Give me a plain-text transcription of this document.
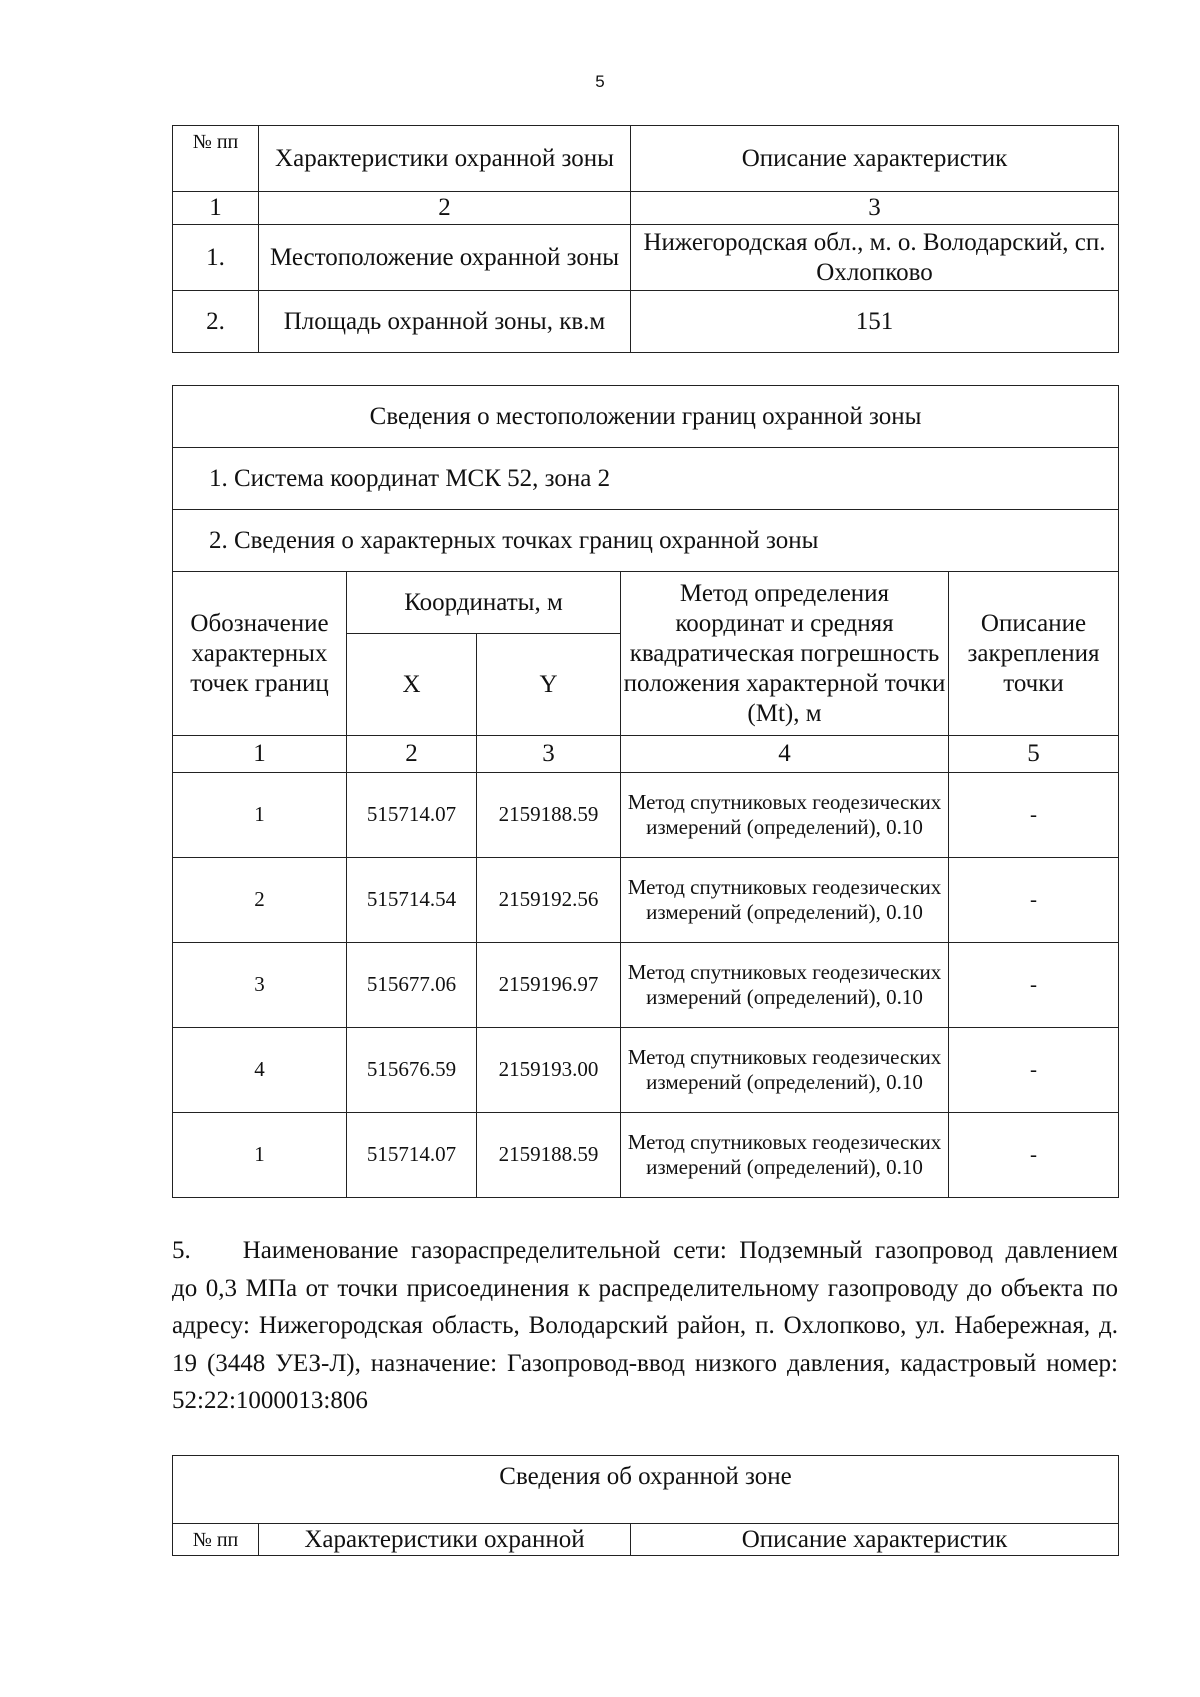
5
№ пп	Характеристики охранной зоны	Описание характеристик
1	2	3
1.	Местоположение охранной зоны	Нижегородская обл., м. о. Володарский, сп. Охлопково
2.	Площадь охранной зоны, кв.м	151
Сведения о местоположении границ охранной зоны				
1. Система координат МСК 52, зона 2				
2. Сведения о характерных точках границ охранной зоны				
Обозначение характерных точек границ	Координаты, м		Метод определения координат и средняя квадратическая погрешность положения характерной точки (Mt), м	Описание закрепления точки
	X	Y		
1	2	3	4	5
1	515714.07	2159188.59	Метод спутниковых геодезических измерений (определений), 0.10	-
2	515714.54	2159192.56	Метод спутниковых геодезических измерений (определений), 0.10	-
3	515677.06	2159196.97	Метод спутниковых геодезических измерений (определений), 0.10	-
4	515676.59	2159193.00	Метод спутниковых геодезических измерений (определений), 0.10	-
1	515714.07	2159188.59	Метод спутниковых геодезических измерений (определений), 0.10	-
5. Наименование газораспределительной сети: Подземный газопровод давлением до 0,3 МПа от точки присоединения к распределительному газопроводу до объекта по адресу: Нижегородская область, Володарский район, п. Охлопково, ул. Набережная, д. 19 (3448 УЕЗ-Л), назначение: Газопровод-ввод низкого давления, кадастровый номер: 52:22:1000013:806
Сведения об охранной зоне
№ пп	Характеристики охранной	Описание характеристик
